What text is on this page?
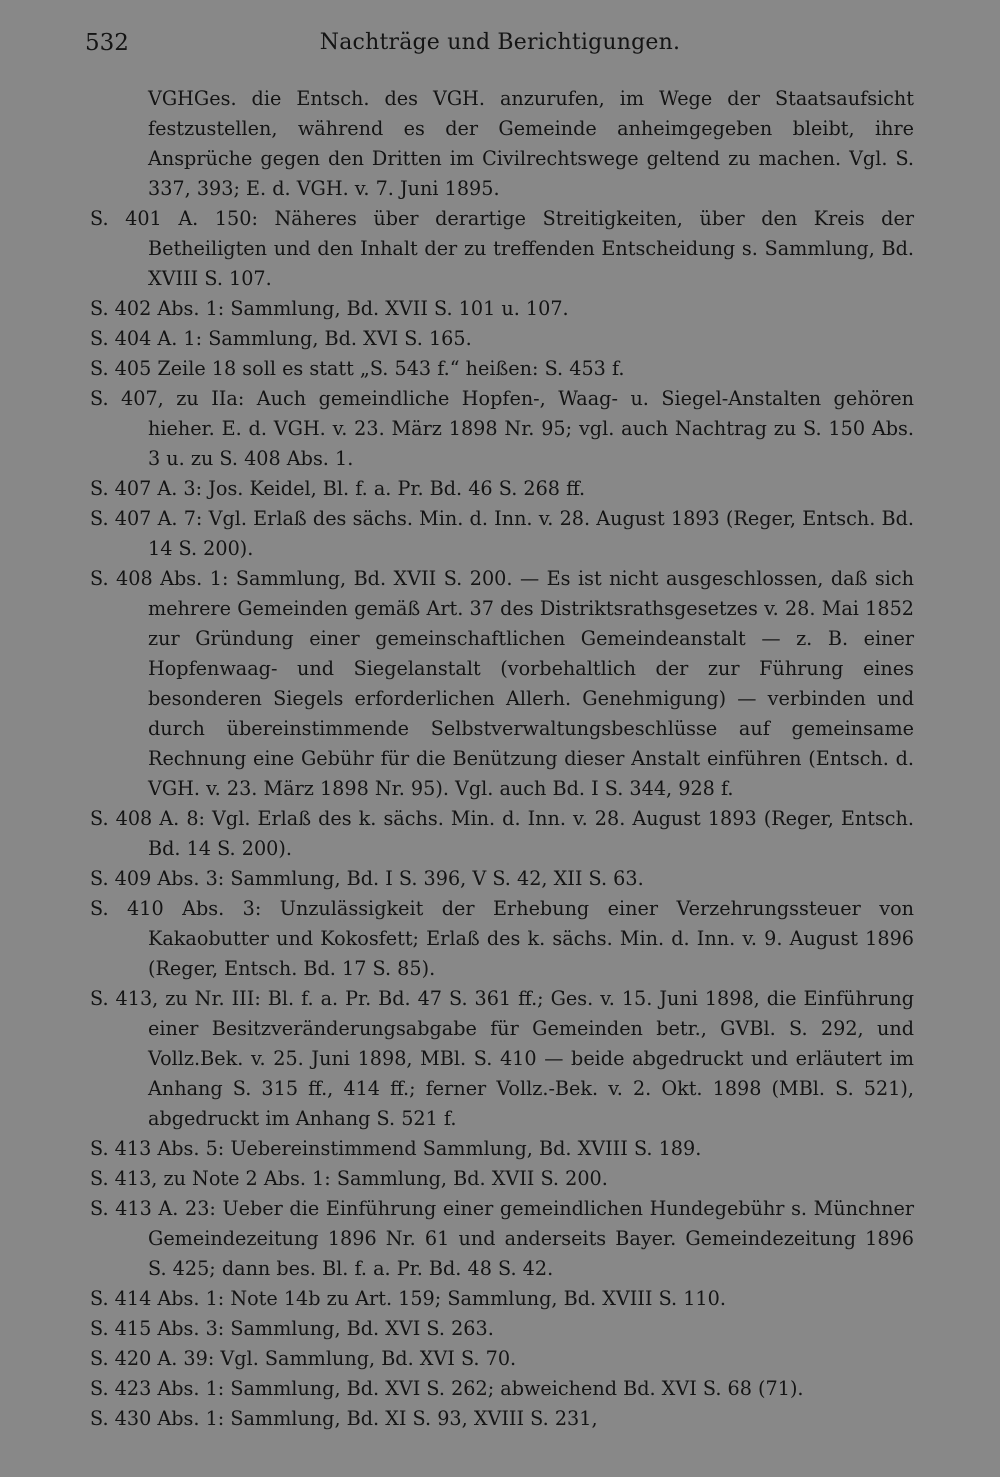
532	Nachträge und Berichtigungen.

VGHGes. die Entsch. des VGH. anzurufen, im Wege der Staatsaufsicht festzustellen, während es der Gemeinde anheimgegeben bleibt, ihre Ansprüche gegen den Dritten im Civilrechtswege geltend zu machen. Vgl. S. 337, 393; E. d. VGH. v. 7. Juni 1895.

S. 401 A. 150: Näheres über derartige Streitigkeiten, über den Kreis der Betheiligten und den Inhalt der zu treffenden Entscheidung s. Sammlung, Bd. XVIII S. 107.

S. 402 Abs. 1: Sammlung, Bd. XVII S. 101 u. 107.

S. 404 A. 1: Sammlung, Bd. XVI S. 165.

S. 405 Zeile 18 soll es statt „S. 543 f.“ heißen: S. 453 f.

S. 407, zu IIa: Auch gemeindliche Hopfen-, Waag- u. Siegel-Anstalten gehören hieher. E. d. VGH. v. 23. März 1898 Nr. 95; vgl. auch Nachtrag zu S. 150 Abs. 3 u. zu S. 408 Abs. 1.

S. 407 A. 3: Jos. Keidel, Bl. f. a. Pr. Bd. 46 S. 268 ff.

S. 407 A. 7: Vgl. Erlaß des sächs. Min. d. Inn. v. 28. August 1893 (Reger, Entsch. Bd. 14 S. 200).

S. 408 Abs. 1: Sammlung, Bd. XVII S. 200. — Es ist nicht ausgeschlossen, daß sich mehrere Gemeinden gemäß Art. 37 des Distriktsrathsgesetzes v. 28. Mai 1852 zur Gründung einer gemeinschaftlichen Gemeindeanstalt — z. B. einer Hopfenwaag- und Siegelanstalt (vorbehaltlich der zur Führung eines besonderen Siegels erforderlichen Allerh. Genehmigung) — verbinden und durch übereinstimmende Selbstverwaltungsbeschlüsse auf gemeinsame Rechnung eine Gebühr für die Benützung dieser Anstalt einführen (Entsch. d. VGH. v. 23. März 1898 Nr. 95). Vgl. auch Bd. I S. 344, 928 f.

S. 408 A. 8: Vgl. Erlaß des k. sächs. Min. d. Inn. v. 28. August 1893 (Reger, Entsch. Bd. 14 S. 200).

S. 409 Abs. 3: Sammlung, Bd. I S. 396, V S. 42, XII S. 63.

S. 410 Abs. 3: Unzulässigkeit der Erhebung einer Verzehrungssteuer von Kakaobutter und Kokosfett; Erlaß des k. sächs. Min. d. Inn. v. 9. August 1896 (Reger, Entsch. Bd. 17 S. 85).

S. 413, zu Nr. III: Bl. f. a. Pr. Bd. 47 S. 361 ff.; Ges. v. 15. Juni 1898, die Einführung einer Besitzveränderungsabgabe für Gemeinden betr., GVBl. S. 292, und Vollz.Bek. v. 25. Juni 1898, MBl. S. 410 — beide abgedruckt und erläutert im Anhang S. 315 ff., 414 ff.; ferner Vollz.-Bek. v. 2. Okt. 1898 (MBl. S. 521), abgedruckt im Anhang S. 521 f.

S. 413 Abs. 5: Uebereinstimmend Sammlung, Bd. XVIII S. 189.

S. 413, zu Note 2 Abs. 1: Sammlung, Bd. XVII S. 200.

S. 413 A. 23: Ueber die Einführung einer gemeindlichen Hundegebühr s. Münchner Gemeindezeitung 1896 Nr. 61 und anderseits Bayer. Gemeindezeitung 1896 S. 425; dann bes. Bl. f. a. Pr. Bd. 48 S. 42.

S. 414 Abs. 1: Note 14b zu Art. 159; Sammlung, Bd. XVIII S. 110.

S. 415 Abs. 3: Sammlung, Bd. XVI S. 263.

S. 420 A. 39: Vgl. Sammlung, Bd. XVI S. 70.

S. 423 Abs. 1: Sammlung, Bd. XVI S. 262; abweichend Bd. XVI S. 68 (71).

S. 430 Abs. 1: Sammlung, Bd. XI S. 93, XVIII S. 231,
